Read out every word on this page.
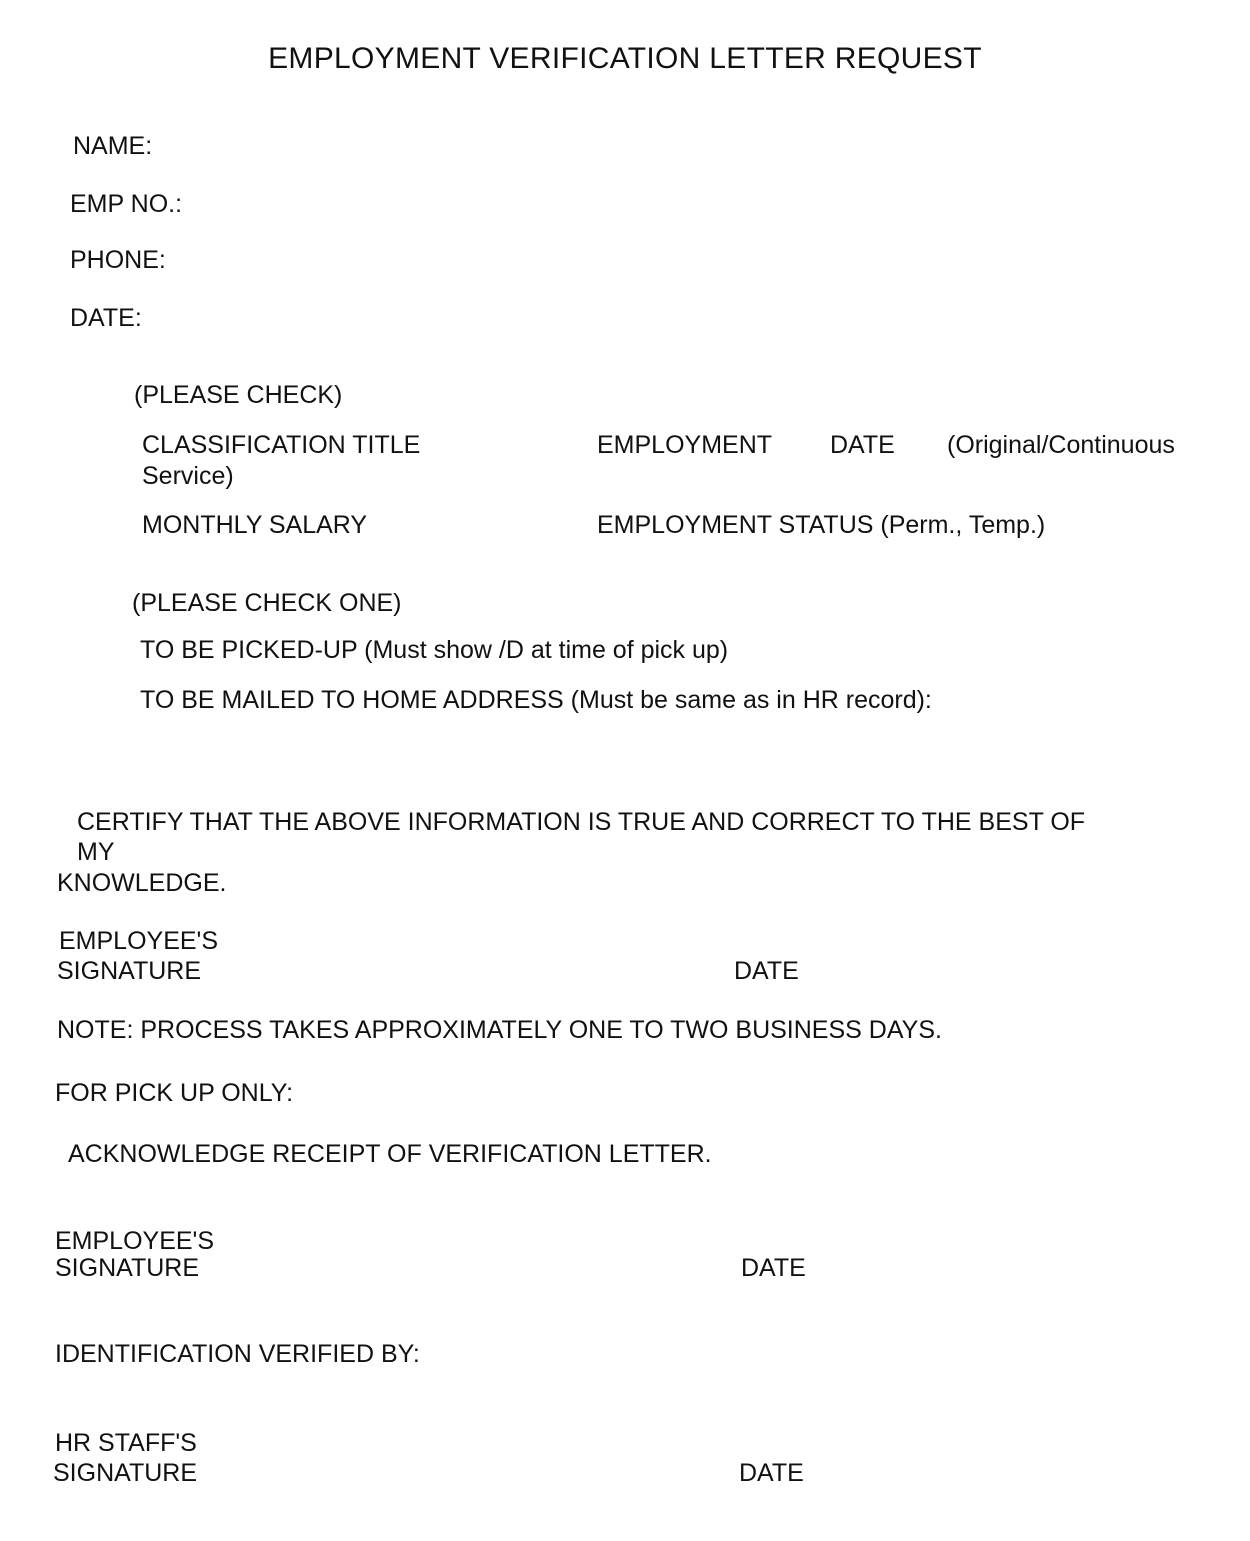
EMPLOYMENT VERIFICATION LETTER REQUEST
NAME:
EMP NO.:
PHONE:
DATE:
(PLEASE CHECK)
CLASSIFICATION TITLE	EMPLOYMENT DATE (Original/Continuous
Service)
MONTHLY SALARY	EMPLOYMENT STATUS (Perm., Temp.)
(PLEASE CHECK ONE)
TO BE PICKED-UP (Must show /D at time of pick up)
TO BE MAILED TO HOME ADDRESS (Must be same as in HR record):
CERTIFY THAT THE ABOVE INFORMATION IS TRUE AND CORRECT TO THE BEST OF
MY
KNOWLEDGE.
EMPLOYEE'S
SIGNATURE	DATE
NOTE: PROCESS TAKES APPROXIMATELY ONE TO TWO BUSINESS DAYS.
FOR PICK UP ONLY:
ACKNOWLEDGE RECEIPT OF VERIFICATION LETTER.
EMPLOYEE'S
SIGNATURE	DATE
IDENTIFICATION VERIFIED BY:
HR STAFF'S
SIGNATURE	DATE
